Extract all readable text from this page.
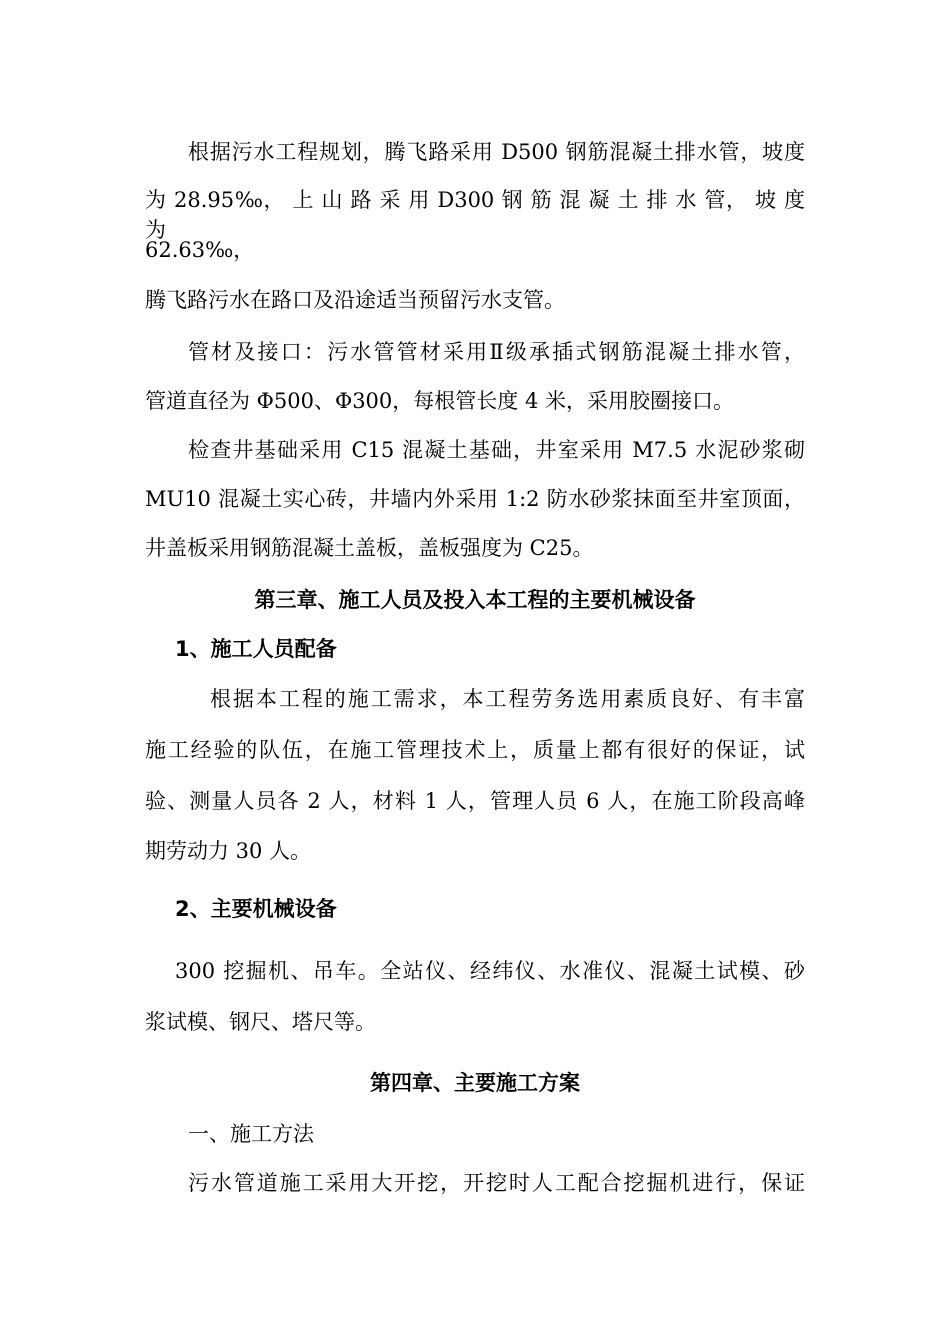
根据污水工程规划，腾飞路采用 D500 钢筋混凝土排水管，坡度
为 28.95‰， 上 山 路 采 用 D300 钢 筋 混 凝 土 排 水 管， 坡 度 为
62.63‰，
腾飞路污水在路口及沿途适当预留污水支管。
管材及接口：污水管管材采用Ⅱ级承插式钢筋混凝土排水管，
管道直径为 Φ500、Φ300，每根管长度 4 米，采用胶圈接口。
检查井基础采用 C15 混凝土基础，井室采用 M7.5 水泥砂浆砌
MU10 混凝土实心砖，井墙内外采用 1:2 防水砂浆抹面至井室顶面，
井盖板采用钢筋混凝土盖板，盖板强度为 C25。
第三章、施工人员及投入本工程的主要机械设备
1、施工人员配备
根据本工程的施工需求，本工程劳务选用素质良好、有丰富
施工经验的队伍，在施工管理技术上，质量上都有很好的保证，试
验、测量人员各 2 人，材料 1 人，管理人员 6 人，在施工阶段高峰
期劳动力 30 人。
2、主要机械设备
300 挖掘机、吊车。全站仪、经纬仪、水准仪、混凝土试模、砂
浆试模、钢尺、塔尺等。
第四章、主要施工方案
一、施工方法
污水管道施工采用大开挖，开挖时人工配合挖掘机进行，保证
